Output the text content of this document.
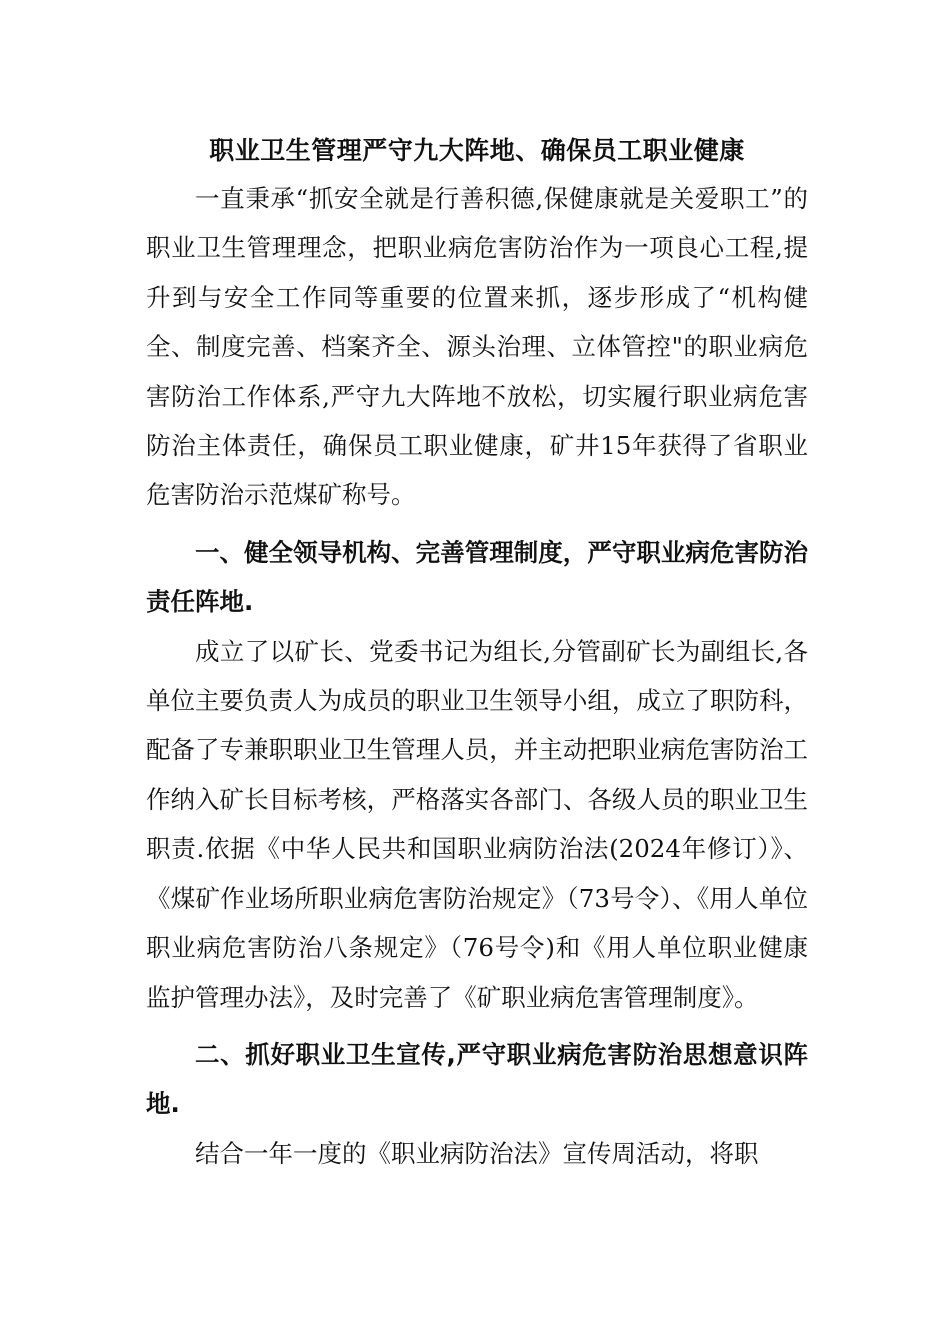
职业卫生管理严守九大阵地、确保员工职业健康

一直秉承“抓安全就是行善积德,保健康就是关爱职工”的职业卫生管理理念，把职业病危害防治作为一项良心工程,提升到与安全工作同等重要的位置来抓，逐步形成了“机构健全、制度完善、档案齐全、源头治理、立体管控"的职业病危害防治工作体系,严守九大阵地不放松，切实履行职业病危害防治主体责任，确保员工职业健康，矿井15年获得了省职业危害防治示范煤矿称号。

一、健全领导机构、完善管理制度，严守职业病危害防治责任阵地.

成立了以矿长、党委书记为组长,分管副矿长为副组长,各单位主要负责人为成员的职业卫生领导小组，成立了职防科，配备了专兼职职业卫生管理人员，并主动把职业病危害防治工作纳入矿长目标考核，严格落实各部门、各级人员的职业卫生职责.依据《中华人民共和国职业病防治法(2024年修订）》、《煤矿作业场所职业病危害防治规定》（73号令）、《用人单位职业病危害防治八条规定》（76号令)和《用人单位职业健康监护管理办法》，及时完善了《矿职业病危害管理制度》。

二、抓好职业卫生宣传,严守职业病危害防治思想意识阵地.

结合一年一度的《职业病防治法》宣传周活动，将职
